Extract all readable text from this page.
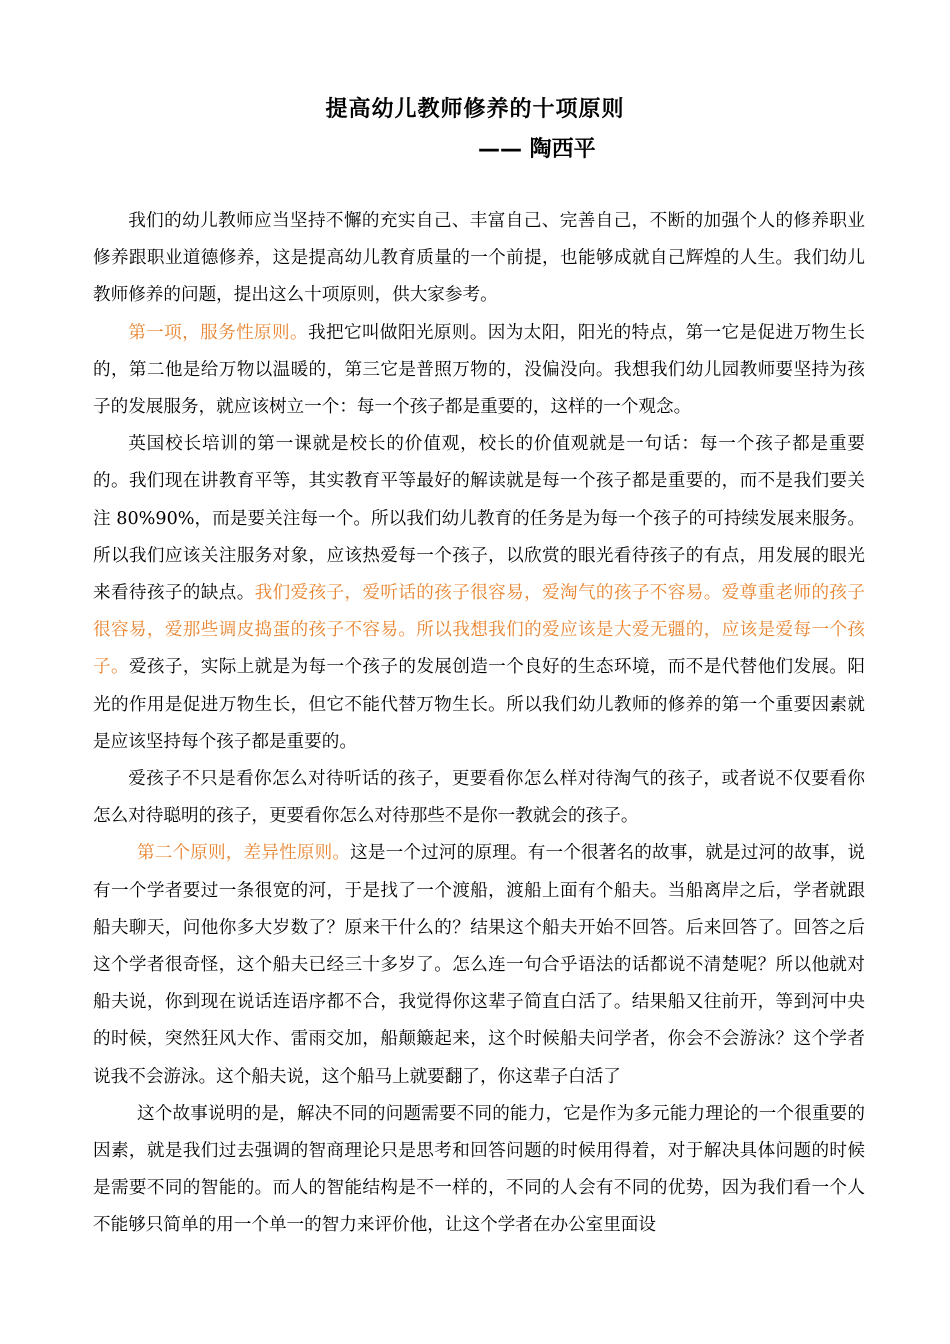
提高幼儿教师修养的十项原则
—— 陶西平

我们的幼儿教师应当坚持不懈的充实自己、丰富自己、完善自己，不断的加强个人的修养职业修养跟职业道德修养，这是提高幼儿教育质量的一个前提，也能够成就自己辉煌的人生。我们幼儿教师修养的问题，提出这么十项原则，供大家参考。

第一项，服务性原则。我把它叫做阳光原则。因为太阳，阳光的特点，第一它是促进万物生长的，第二他是给万物以温暖的，第三它是普照万物的，没偏没向。我想我们幼儿园教师要坚持为孩子的发展服务，就应该树立一个：每一个孩子都是重要的，这样的一个观念。

英国校长培训的第一课就是校长的价值观，校长的价值观就是一句话：每一个孩子都是重要的。我们现在讲教育平等，其实教育平等最好的解读就是每一个孩子都是重要的，而不是我们要关注 80%90%，而是要关注每一个。所以我们幼儿教育的任务是为每一个孩子的可持续发展来服务。所以我们应该关注服务对象，应该热爱每一个孩子，以欣赏的眼光看待孩子的有点，用发展的眼光来看待孩子的缺点。我们爱孩子，爱听话的孩子很容易，爱淘气的孩子不容易。爱尊重老师的孩子很容易，爱那些调皮捣蛋的孩子不容易。所以我想我们的爱应该是大爱无疆的，应该是爱每一个孩子。爱孩子，实际上就是为每一个孩子的发展创造一个良好的生态环境，而不是代替他们发展。阳光的作用是促进万物生长，但它不能代替万物生长。所以我们幼儿教师的修养的第一个重要因素就是应该坚持每个孩子都是重要的。

爱孩子不只是看你怎么对待听话的孩子，更要看你怎么样对待淘气的孩子，或者说不仅要看你怎么对待聪明的孩子，更要看你怎么对待那些不是你一教就会的孩子。

第二个原则，差异性原则。这是一个过河的原理。有一个很著名的故事，就是过河的故事，说有一个学者要过一条很宽的河，于是找了一个渡船，渡船上面有个船夫。当船离岸之后，学者就跟船夫聊天，问他你多大岁数了？原来干什么的？结果这个船夫开始不回答。后来回答了。回答之后这个学者很奇怪，这个船夫已经三十多岁了。怎么连一句合乎语法的话都说不清楚呢？所以他就对船夫说，你到现在说话连语序都不合，我觉得你这辈子简直白活了。结果船又往前开，等到河中央的时候，突然狂风大作、雷雨交加，船颠簸起来，这个时候船夫问学者，你会不会游泳？这个学者说我不会游泳。这个船夫说，这个船马上就要翻了，你这辈子白活了

这个故事说明的是，解决不同的问题需要不同的能力，它是作为多元能力理论的一个很重要的因素，就是我们过去强调的智商理论只是思考和回答问题的时候用得着，对于解决具体问题的时候是需要不同的智能的。而人的智能结构是不一样的，不同的人会有不同的优势，因为我们看一个人不能够只简单的用一个单一的智力来评价他，让这个学者在办公室里面设
